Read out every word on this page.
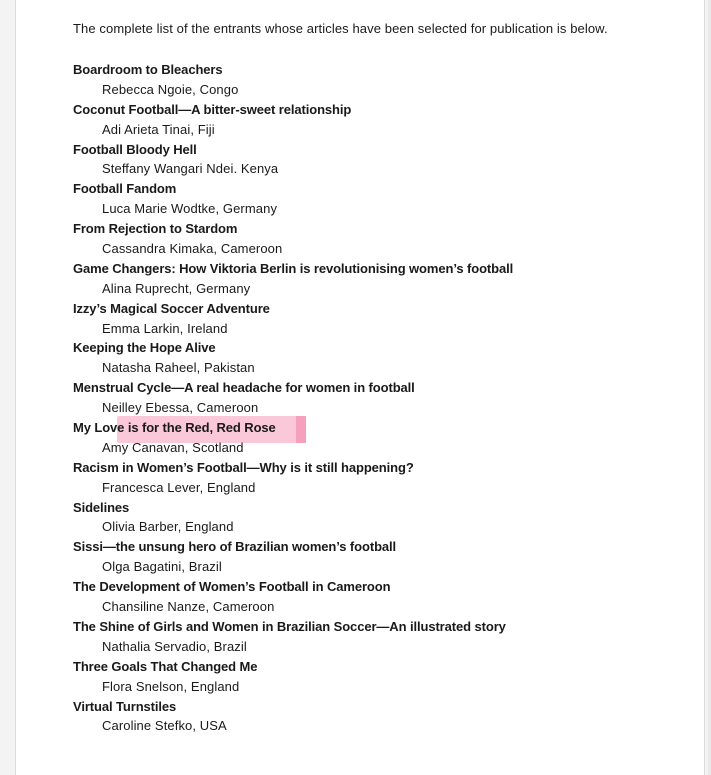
The complete list of the entrants whose articles have been selected for publication is below.

Boardroom to Bleachers
Rebecca Ngoie, Congo
Coconut Football—A bitter-sweet relationship
Adi Arieta Tinai, Fiji
Football Bloody Hell
Steffany Wangari Ndei. Kenya
Football Fandom
Luca Marie Wodtke, Germany
From Rejection to Stardom
Cassandra Kimaka, Cameroon
Game Changers: How Viktoria Berlin is revolutionising women’s football
Alina Ruprecht, Germany
Izzy’s Magical Soccer Adventure
Emma Larkin, Ireland
Keeping the Hope Alive
Natasha Raheel, Pakistan
Menstrual Cycle—A real headache for women in football
Neilley Ebessa, Cameroon
My Love is for the Red, Red Rose
Amy Canavan, Scotland
Racism in Women’s Football—Why is it still happening?
Francesca Lever, England
Sidelines
Olivia Barber, England
Sissi—the unsung hero of Brazilian women’s football
Olga Bagatini, Brazil
The Development of Women’s Football in Cameroon
Chansiline Nanze, Cameroon
The Shine of Girls and Women in Brazilian Soccer—An illustrated story
Nathalia Servadio, Brazil
Three Goals That Changed Me
Flora Snelson, England
Virtual Turnstiles
Caroline Stefko, USA
